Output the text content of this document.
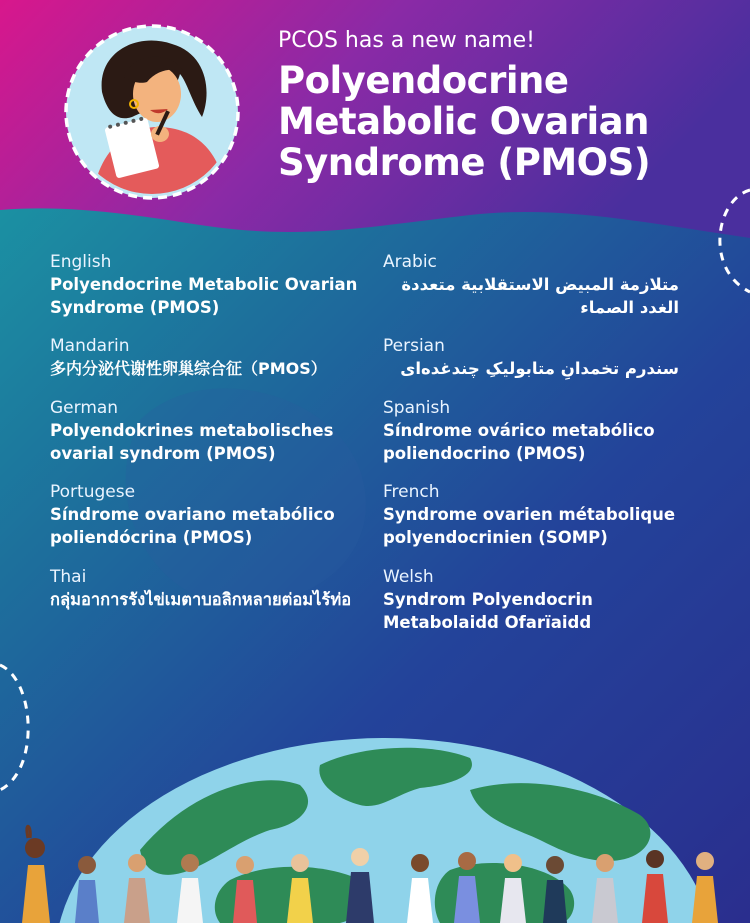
PCOS has a new name!
Polyendocrine
Metabolic Ovarian
Syndrome (PMOS)
English
Polyendocrine Metabolic Ovarian Syndrome (PMOS)
Arabic
متلازمة المبيض الاستقلابية متعددة الغدد الصماء
Mandarin
多内分泌代谢性卵巢综合征（PMOS）
Persian
سندرم تخمدانِ متابولیکِ چندغده‌ای
German
Polyendokrines metabolisches ovarial syndrom (PMOS)
Spanish
Síndrome ovárico metabólico poliendocrino (PMOS)
Portugese
Síndrome ovariano metabólico poliendócrina (PMOS)
French
Syndrome ovarien métabolique polyendocrinien (SOMP)
Thai
กลุ่มอาการรังไข่เมตาบอลิกหลายต่อมไร้ท่อ
Welsh
Syndrom Polyendocrin Metabolaidd Ofarïaidd
